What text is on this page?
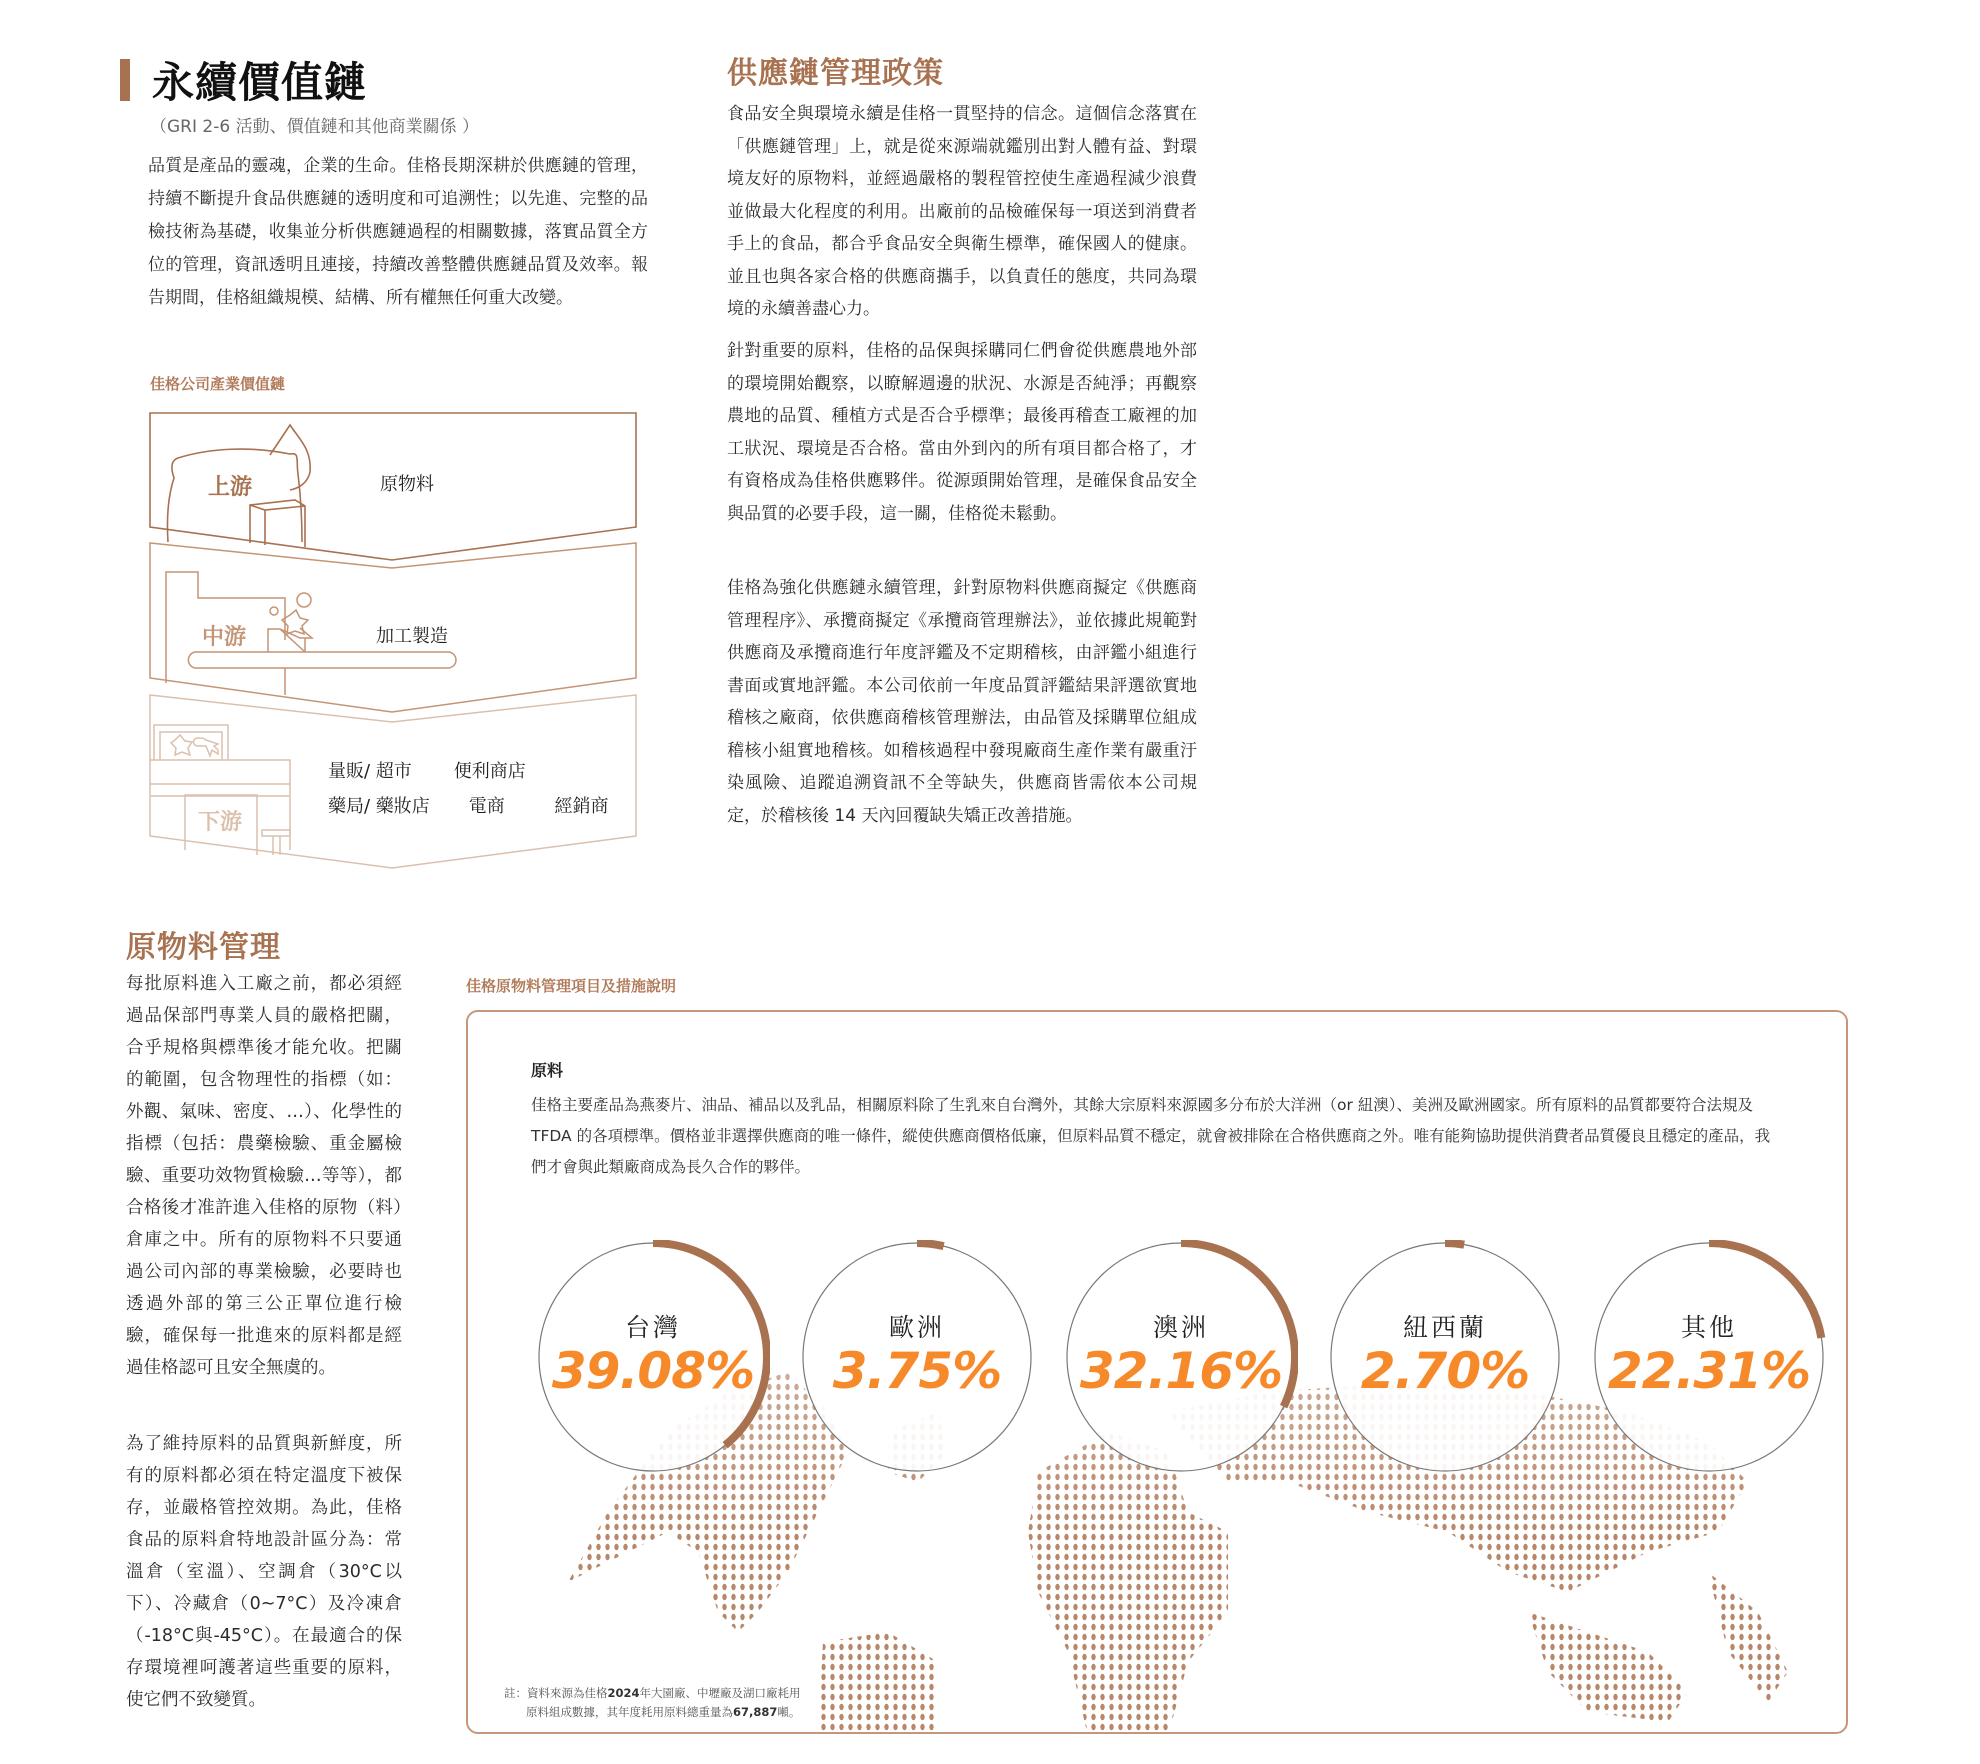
永續價值鏈
（GRI 2-6 活動、價值鏈和其他商業關係 ）
品質是產品的靈魂，企業的生命。佳格長期深耕於供應鏈的管理，持續不斷提升食品供應鏈的透明度和可追溯性；以先進、完整的品檢技術為基礎，收集並分析供應鏈過程的相關數據，落實品質全方位的管理，資訊透明且連接，持續改善整體供應鏈品質及效率。報告期間，佳格組織規模、結構、所有權無任何重大改變。
佳格公司產業價值鏈
上游	原物料
中游	加工製造
下游
量販/ 超市 便利商店
藥局/ 藥妝店 電商	經銷商
供應鏈管理政策
食品安全與環境永續是佳格一貫堅持的信念。這個信念落實在「供應鏈管理」上，就是從來源端就鑑別出對人體有益、對環境友好的原物料，並經過嚴格的製程管控使生產過程減少浪費並做最大化程度的利用。出廠前的品檢確保每一項送到消費者手上的食品，都合乎食品安全與衛生標準，確保國人的健康。並且也與各家合格的供應商攜手，以負責任的態度，共同為環境的永續善盡心力。
針對重要的原料，佳格的品保與採購同仁們會從供應農地外部的環境開始觀察，以瞭解週邊的狀況、水源是否純淨；再觀察農地的品質、種植方式是否合乎標準；最後再稽查工廠裡的加工狀況、環境是否合格。當由外到內的所有項目都合格了，才有資格成為佳格供應夥伴。從源頭開始管理，是確保食品安全與品質的必要手段，這一關，佳格從未鬆動。
佳格為強化供應鏈永續管理，針對原物料供應商擬定《供應商管理程序》、承攬商擬定《承攬商管理辦法》，並依據此規範對供應商及承攬商進行年度評鑑及不定期稽核，由評鑑小組進行書面或實地評鑑。本公司依前一年度品質評鑑結果評選欲實地稽核之廠商，依供應商稽核管理辦法，由品管及採購單位組成稽核小組實地稽核。如稽核過程中發現廠商生產作業有嚴重汙染風險、追蹤追溯資訊不全等缺失，供應商皆需依本公司規定，於稽核後 14 天內回覆缺失矯正改善措施。
原物料管理
每批原料進入工廠之前，都必須經過品保部門專業人員的嚴格把關，合乎規格與標準後才能允收。把關的範圍，包含物理性的指標（如：外觀、氣味、密度、…）、化學性的指標（包括：農藥檢驗、重金屬檢驗、重要功效物質檢驗…等等），都合格後才准許進入佳格的原物（料）倉庫之中。所有的原物料不只要通過公司內部的專業檢驗，必要時也透過外部的第三公正單位進行檢驗，確保每一批進來的原料都是經過佳格認可且安全無虞的。
為了維持原料的品質與新鮮度，所有的原料都必須在特定溫度下被保存，並嚴格管控效期。為此，佳格食品的原料倉特地設計區分為：常溫倉（室溫）、空調倉（30°C以下）、冷藏倉（0~7°C）及冷凍倉（-18°C與-45°C）。在最適合的保存環境裡呵護著這些重要的原料，使它們不致變質。
佳格原物料管理項目及措施說明
原料
佳格主要產品為燕麥片、油品、補品以及乳品，相關原料除了生乳來自台灣外，其餘大宗原料來源國多分布於大洋洲（or 紐澳）、美洲及歐洲國家。所有原料的品質都要符合法規及 TFDA 的各項標準。價格並非選擇供應商的唯一條件，縱使供應商價格低廉，但原料品質不穩定，就會被排除在合格供應商之外。唯有能夠協助提供消費者品質優良且穩定的產品，我們才會與此類廠商成為長久合作的夥伴。
台灣
39.08%
歐洲
3.75%
澳洲
32.16%
紐西蘭
2.70%
其他
22.31%
註：資料來源為佳格2024年大園廠、中壢廠及湖口廠耗用
原料組成數據，其年度耗用原料總重量為67,887噸。
